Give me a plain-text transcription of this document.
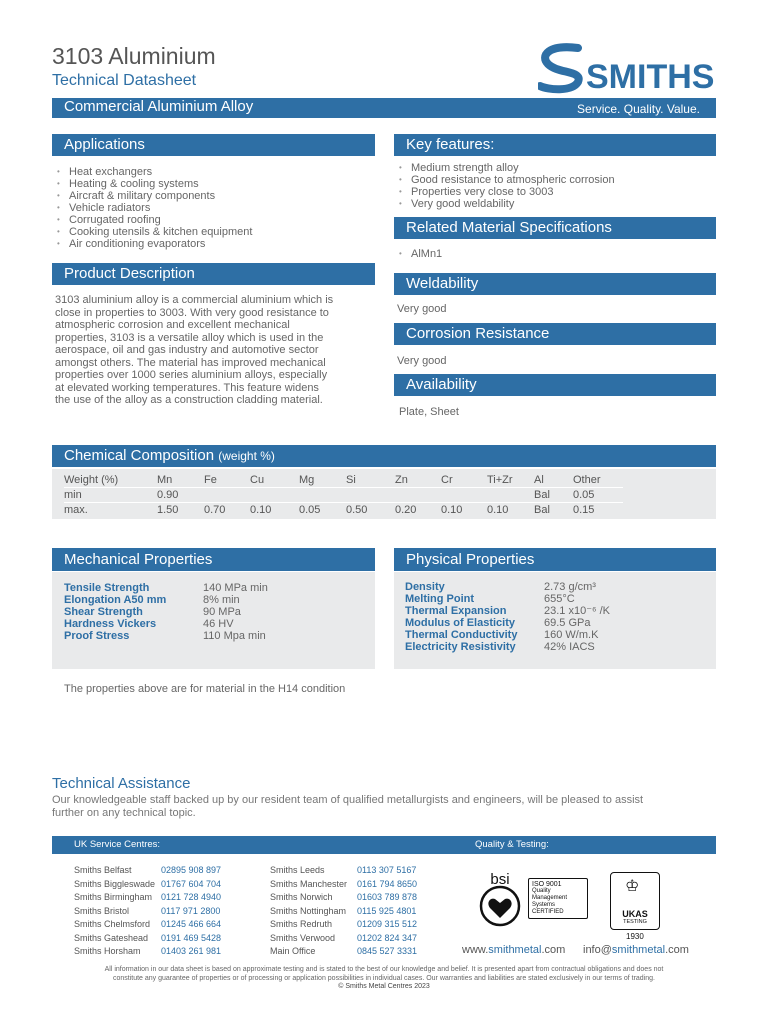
3103 Aluminium
Technical Datasheet	SMITHS
Commercial Aluminium Alloy	Service. Quality. Value.
Applications
• Heat exchangers
• Heating & cooling systems
• Aircraft & military components
• Vehicle radiators
• Corrugated roofing
• Cooking utensils & kitchen equipment
• Air conditioning evaporators
Key features:
• Medium strength alloy
• Good resistance to atmospheric corrosion
• Properties very close to 3003
• Very good weldability
Related Material Specifications
• AlMn1
Product Description
3103 aluminium alloy is a commercial aluminium which is
close in properties to 3003. With very good resistance to
atmospheric corrosion and excellent mechanical
properties, 3103 is a versatile alloy which is used in the
aerospace, oil and gas industry and automotive sector
amongst others. The material has improved mechanical
properties over 1000 series aluminium alloys, especially
at elevated working temperatures. This feature widens
the use of the alloy as a construction cladding material.
Weldability
Very good
Corrosion Resistance
Very good
Availability
Plate, Sheet
Chemical Composition (weight %)
Weight (%)	Mn	Fe	Cu	Mg	Si	Zn	Cr	Ti+Zr	Al	Other
min	0.90								Bal	0.05
max.	1.50	0.70	0.10	0.05	0.50	0.20	0.10	0.10	Bal	0.15
Mechanical Properties
Tensile Strength	140 MPa min
Elongation A50 mm	8% min
Shear Strength	90 MPa
Hardness Vickers	46 HV
Proof Stress	110 Mpa min
Physical Properties
Density	2.73 g/cm³
Melting Point	655°C
Thermal Expansion	23.1 x10⁻⁶ /K
Modulus of Elasticity	69.5 GPa
Thermal Conductivity	160 W/m.K
Electricity Resistivity	42% IACS
The properties above are for material in the H14 condition
Technical Assistance
Our knowledgeable staff backed up by our resident team of qualified metallurgists and engineers, will be pleased to assist
further on any technical topic.
UK Service Centres:	Quality & Testing:
Smiths Belfast	02895 908 897
Smiths Biggleswade 01767 604 704
Smiths Birmingham 0121 728 4940
Smiths Bristol	0117 971 2800
Smiths Chelmsford	01245 466 664
Smiths Gateshead	0191 469 5428
Smiths Horsham	01403 261 981
Smiths Leeds	0113 307 5167
Smiths Manchester	0161 794 8650
Smiths Norwich	01603 789 878
Smiths Nottingham	0115 925 4801
Smiths Redruth	01209 315 512
Smiths Verwood	01202 824 347
Main Office	0845 527 3331
bsi	ISO 9001
Quality
Management
Systems
CERTIFIED
♔
UKAS
TESTING
1930
www.smithmetal.com info@smithmetal.com
All information in our data sheet is based on approximate testing and is stated to the best of our knowledge and belief. It is presented apart from contractual obligations and does not
constitute any guarantee of properties or of processing or application possibilities in individual cases. Our warranties and liabilities are stated exclusively in our terms of trading.
© Smiths Metal Centres 2023
